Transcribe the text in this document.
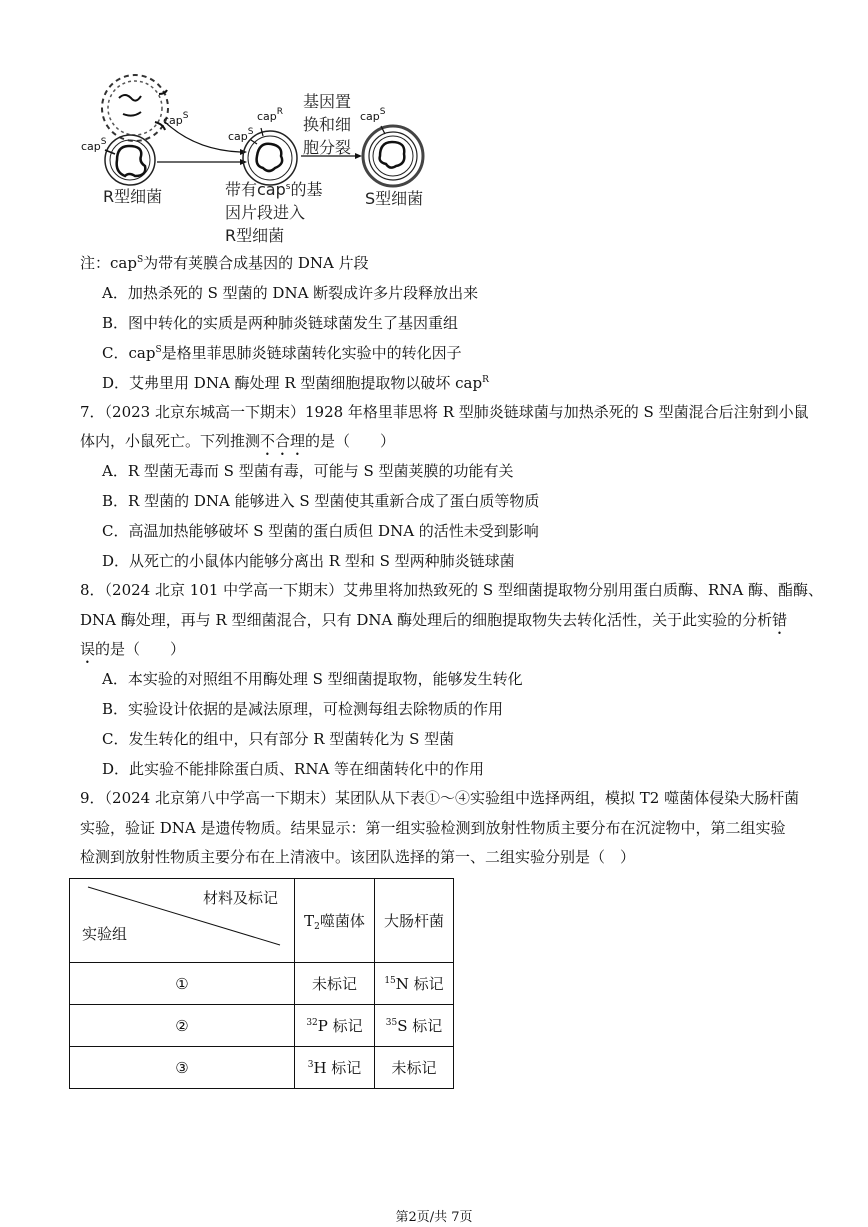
cap$^S$
cap$^S$	cap$^R$
cap$^S$
cap$^S$
R型细菌	带有cap$^s$的基
因片段进入
R型细菌
基因置
换和细
胞分裂
S型细菌
注：cap$^S$为带有荚膜合成基因的 DNA 片段
A．加热杀死的 S 型菌的 DNA 断裂成许多片段释放出来
B．图中转化的实质是两种肺炎链球菌发生了基因重组
C．cap$^S$是格里菲思肺炎链球菌转化实验中的转化因子
D．艾弗里用 DNA 酶处理 R 型菌细胞提取物以破坏 cap$^R$
7．（2023 北京东城高一下期末）1928 年格里菲思将 R 型肺炎链球菌与加热杀死的 S 型菌混合后注射到小鼠
体内，小鼠死亡。下列推测不合理的是（　　）
A．R 型菌无毒而 S 型菌有毒，可能与 S 型菌荚膜的功能有关
B．R 型菌的 DNA 能够进入 S 型菌使其重新合成了蛋白质等物质
C．高温加热能够破坏 S 型菌的蛋白质但 DNA 的活性未受到影响
D．从死亡的小鼠体内能够分离出 R 型和 S 型两种肺炎链球菌
8．（2024 北京 101 中学高一下期末）艾弗里将加热致死的 S 型细菌提取物分别用蛋白质酶、RNA 酶、酯酶、
DNA 酶处理，再与 R 型细菌混合，只有 DNA 酶处理后的细胞提取物失去转化活性，关于此实验的分析错
误的是（　　）
A．本实验的对照组不用酶处理 S 型细菌提取物，能够发生转化
B．实验设计依据的是减法原理，可检测每组去除物质的作用
C．发生转化的组中，只有部分 R 型菌转化为 S 型菌
D．此实验不能排除蛋白质、RNA 等在细菌转化中的作用
9．（2024 北京第八中学高一下期末）某团队从下表①～④实验组中选择两组，模拟 T2 噬菌体侵染大肠杆菌
实验，验证 DNA 是遗传物质。结果显示：第一组实验检测到放射性物质主要分布在沉淀物中，第二组实验
检测到放射性物质主要分布在上清液中。该团队选择的第一、二组实验分别是（　）
材料及标记
实验组	$T_2$噬菌体	大肠杆菌
①	未标记	$^{15}$N 标记
②	$^{32}$P 标记	$^{35}$S 标记
③	$^3$H 标记	未标记
第2页/共 7页
